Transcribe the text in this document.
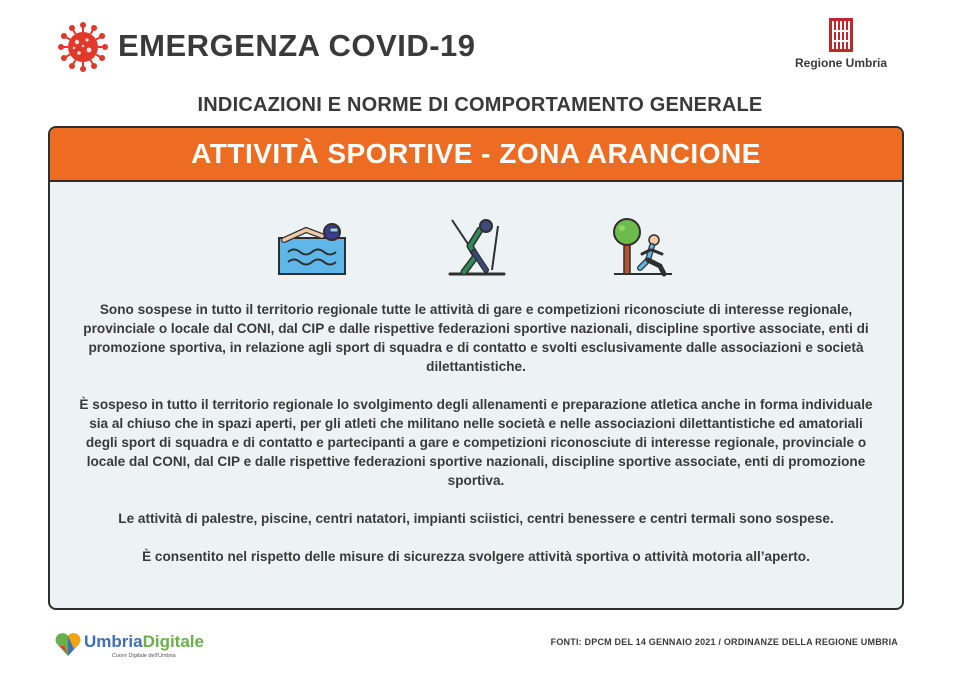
EMERGENZA COVID-19	Regione Umbria
INDICAZIONI E NORME DI COMPORTAMENTO GENERALE
ATTIVITÀ SPORTIVE - ZONA ARANCIONE

Sono sospese in tutto il territorio regionale tutte le attività di gare e competizioni riconosciute di interesse regionale, provinciale o locale dal CONI, dal CIP e dalle rispettive federazioni sportive nazionali, discipline sportive associate, enti di promozione sportiva, in relazione agli sport di squadra e di contatto e svolti esclusivamente dalle associazioni e società dilettantistiche.

È sospeso in tutto il territorio regionale lo svolgimento degli allenamenti e preparazione atletica anche in forma individuale sia al chiuso che in spazi aperti, per gli atleti che militano nelle società e nelle associazioni dilettantistiche ed amatoriali degli sport di squadra e di contatto e partecipanti a gare e competizioni riconosciute di interesse regionale, provinciale o locale dal CONI, dal CIP e dalle rispettive federazioni sportive nazionali, discipline sportive associate, enti di promozione sportiva.

Le attività di palestre, piscine, centri natatori, impianti sciistici, centri benessere e centri termali sono sospese.

È consentito nel rispetto delle misure di sicurezza svolgere attività sportiva o attività motoria all’aperto.

UmbriaDigitale
Cuore Digitale dell'Umbria
FONTI: DPCM DEL 14 GENNAIO 2021 / ORDINANZE DELLA REGIONE UMBRIA
